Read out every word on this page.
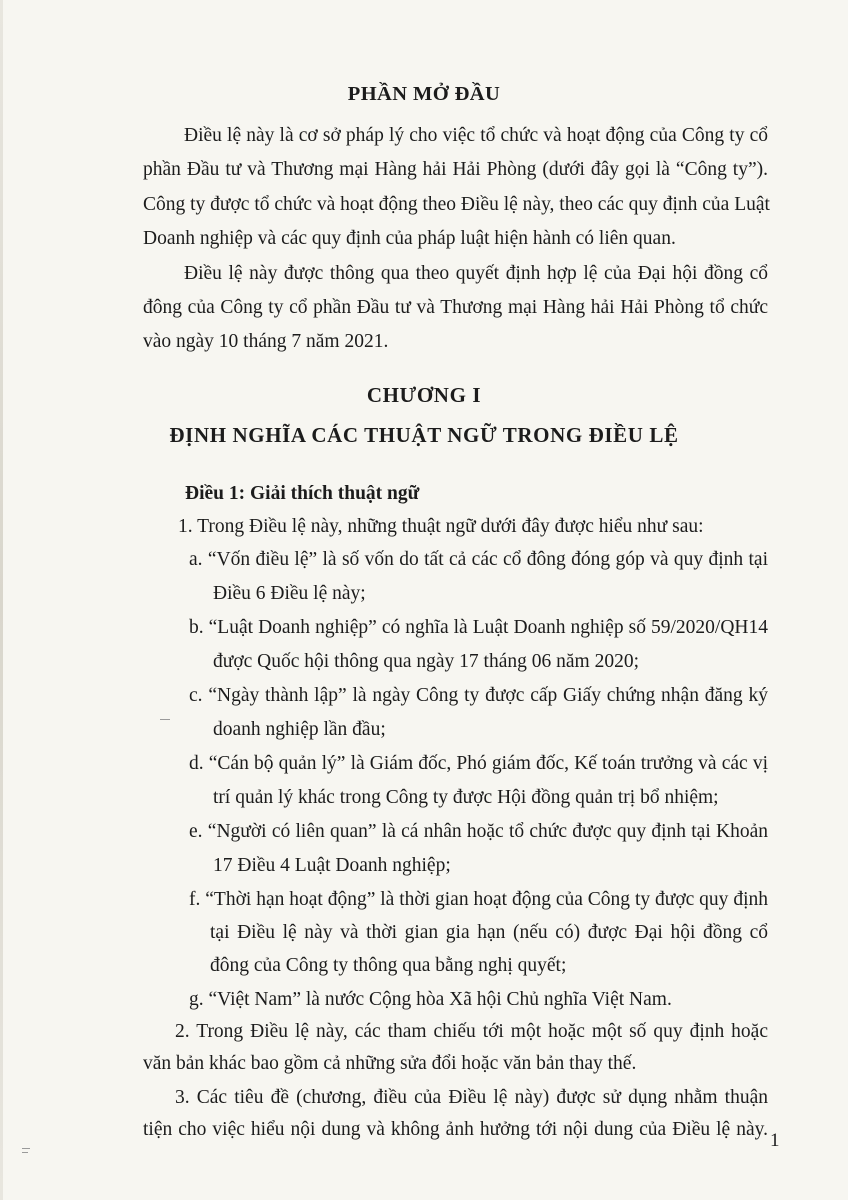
PHẦN MỞ ĐẦU
Điều lệ này là cơ sở pháp lý cho việc tổ chức và hoạt động của Công ty cổ
phần Đầu tư và Thương mại Hàng hải Hải Phòng (dưới đây gọi là “Công ty”).
Công ty được tổ chức và hoạt động theo Điều lệ này, theo các quy định của Luật
Doanh nghiệp và các quy định của pháp luật hiện hành có liên quan.
Điều lệ này được thông qua theo quyết định hợp lệ của Đại hội đồng cổ
đông của Công ty cổ phần Đầu tư và Thương mại Hàng hải Hải Phòng tổ chức
vào ngày 10 tháng 7 năm 2021.
CHƯƠNG I
ĐỊNH NGHĨA CÁC THUẬT NGỮ TRONG ĐIỀU LỆ
Điều 1: Giải thích thuật ngữ
1. Trong Điều lệ này, những thuật ngữ dưới đây được hiểu như sau:
a. “Vốn điều lệ” là số vốn do tất cả các cổ đông đóng góp và quy định tại
Điều 6 Điều lệ này;
b. “Luật Doanh nghiệp” có nghĩa là Luật Doanh nghiệp số 59/2020/QH14
được Quốc hội thông qua ngày 17 tháng 06 năm 2020;
c. “Ngày thành lập” là ngày Công ty được cấp Giấy chứng nhận đăng ký
doanh nghiệp lần đầu;
d. “Cán bộ quản lý” là Giám đốc, Phó giám đốc, Kế toán trưởng và các vị
trí quản lý khác trong Công ty được Hội đồng quản trị bổ nhiệm;
e. “Người có liên quan” là cá nhân hoặc tổ chức được quy định tại Khoản
17 Điều 4 Luật Doanh nghiệp;
f. “Thời hạn hoạt động” là thời gian hoạt động của Công ty được quy định
tại Điều lệ này và thời gian gia hạn (nếu có) được Đại hội đồng cổ
đông của Công ty thông qua bằng nghị quyết;
g. “Việt Nam” là nước Cộng hòa Xã hội Chủ nghĩa Việt Nam.
2. Trong Điều lệ này, các tham chiếu tới một hoặc một số quy định hoặc
văn bản khác bao gồm cả những sửa đổi hoặc văn bản thay thế.
3. Các tiêu đề (chương, điều của Điều lệ này) được sử dụng nhằm thuận
tiện cho việc hiểu nội dung và không ảnh hưởng tới nội dung của Điều lệ này.
1
